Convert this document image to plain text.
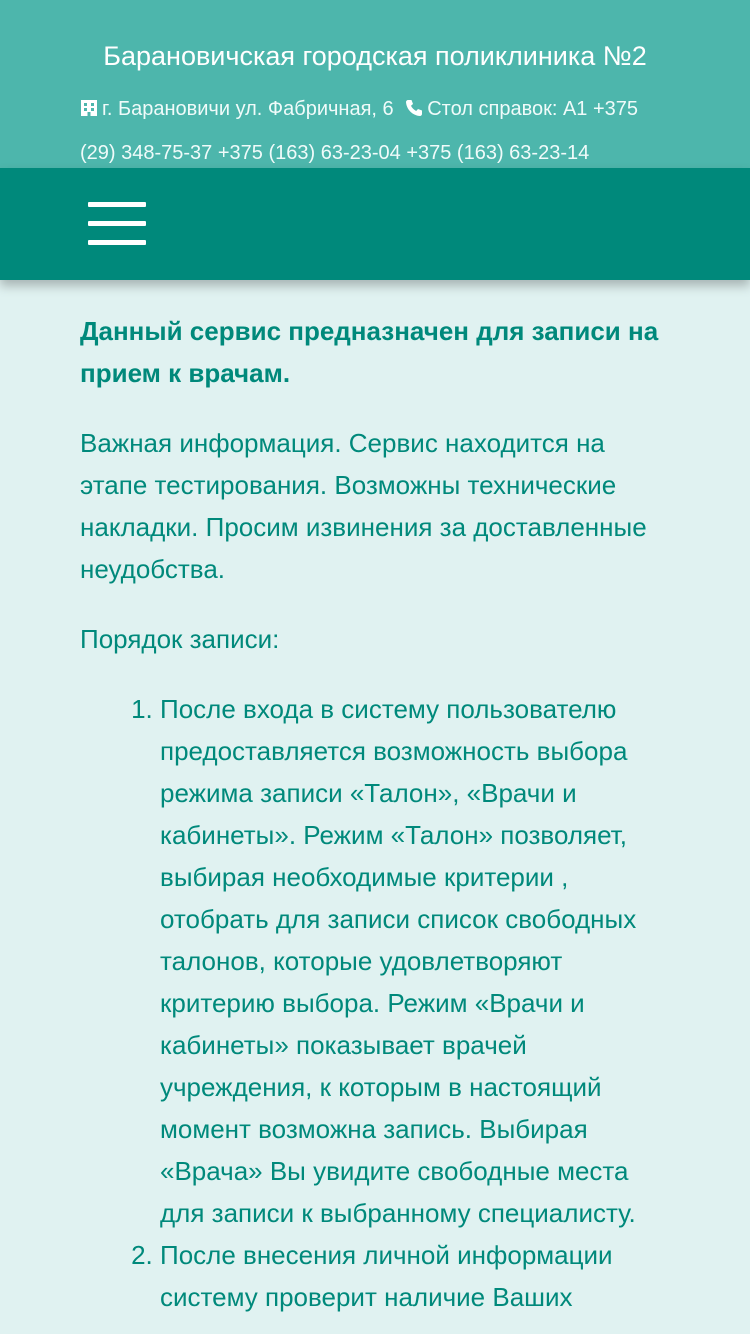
Барановичская городская поликлиника №2
г. Барановичи ул. Фабричная, 6 Стол справок: А1 +375 (29) 348-75-37 +375 (163) 63-23-04 +375 (163) 63-23-14

Данный сервис предназначен для записи на прием к врачам.

Важная информация. Сервис находится на этапе тестирования. Возможны технические накладки. Просим извинения за доставленные неудобства.

Порядок записи:

1. После входа в систему пользователю предоставляется возможность выбора режима записи «Талон», «Врачи и кабинеты». Режим «Талон» позволяет, выбирая необходимые критерии , отобрать для записи список свободных талонов, которые удовлетворяют критерию выбора. Режим «Врачи и кабинеты» показывает врачей учреждения, к которым в настоящий момент возможна запись. Выбирая «Врача» Вы увидите свободные места для записи к выбранному специалисту.
2. После внесения личной информации систему проверит наличие Ваших
